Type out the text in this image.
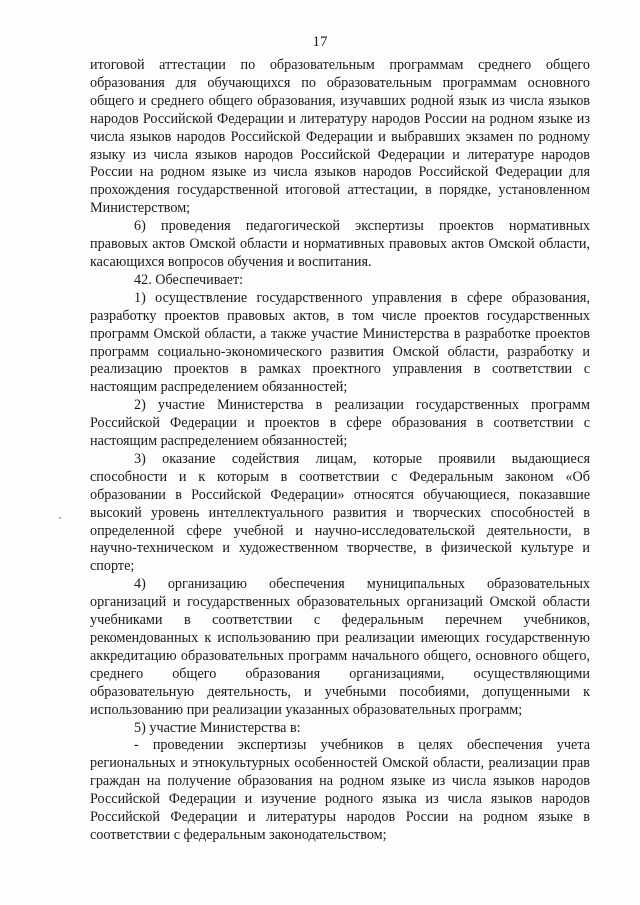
17

итоговой аттестации по образовательным программам среднего общего образования для обучающихся по образовательным программам основного общего и среднего общего образования, изучавших родной язык из числа языков народов Российской Федерации и литературу народов России на родном языке из числа языков народов Российской Федерации и выбравших экзамен по родному языку из числа языков народов Российской Федерации и литературе народов России на родном языке из числа языков народов Российской Федерации для прохождения государственной итоговой аттестации, в порядке, установленном Министерством;

6) проведения педагогической экспертизы проектов нормативных правовых актов Омской области и нормативных правовых актов Омской области, касающихся вопросов обучения и воспитания.

42. Обеспечивает:

1) осуществление государственного управления в сфере образования, разработку проектов правовых актов, в том числе проектов государственных программ Омской области, а также участие Министерства в разработке проектов программ социально-экономического развития Омской области, разработку и реализацию проектов в рамках проектного управления в соответствии с настоящим распределением обязанностей;

2) участие Министерства в реализации государственных программ Российской Федерации и проектов в сфере образования в соответствии с настоящим распределением обязанностей;

3) оказание содействия лицам, которые проявили выдающиеся способности и к которым в соответствии с Федеральным законом «Об образовании в Российской Федерации» относятся обучающиеся, показавшие высокий уровень интеллектуального развития и творческих способностей в определенной сфере учебной и научно-исследовательской деятельности, в научно-техническом и художественном творчестве, в физической культуре и спорте;

4) организацию обеспечения муниципальных образовательных организаций и государственных образовательных организаций Омской области учебниками в соответствии с федеральным перечнем учебников, рекомендованных к использованию при реализации имеющих государственную аккредитацию образовательных программ начального общего, основного общего, среднего общего образования организациями, осуществляющими образовательную деятельность, и учебными пособиями, допущенными к использованию при реализации указанных образовательных программ;

5) участие Министерства в:

- проведении экспертизы учебников в целях обеспечения учета региональных и этнокультурных особенностей Омской области, реализации прав граждан на получение образования на родном языке из числа языков народов Российской Федерации и изучение родного языка из числа языков народов Российской Федерации и литературы народов России на родном языке в соответствии с федеральным законодательством;
